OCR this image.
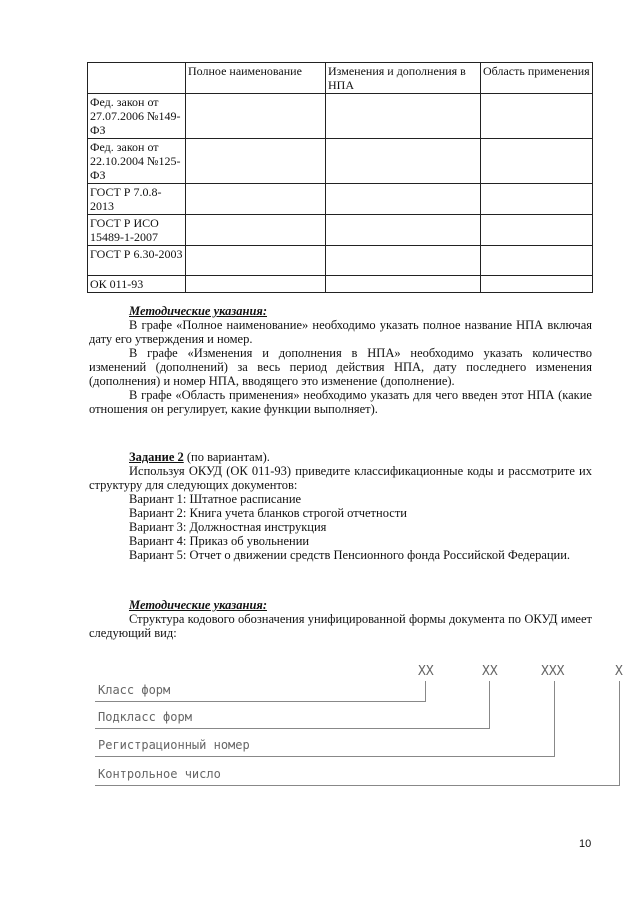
	Полное наименование	Изменения и дополнения в НПА	Область применения
Фед. закон от 27.07.2006 №149-ФЗ			
Фед. закон от 22.10.2004 №125-ФЗ			
ГОСТ Р 7.0.8-2013			
ГОСТ Р ИСО 15489-1-2007			
ГОСТ Р 6.30-2003			
ОК 011-93			
Методические указания:
В графе «Полное наименование» необходимо указать полное название НПА включая дату его утверждения и номер.
В графе «Изменения и дополнения в НПА» необходимо указать количество изменений (дополнений) за весь период действия НПА, дату последнего изменения (дополнения) и номер НПА, вводящего это изменение (дополнение).
В графе «Область применения» необходимо указать для чего введен этот НПА (какие отношения он регулирует, какие функции выполняет).
Задание 2 (по вариантам).
Используя ОКУД (ОК 011-93) приведите классификационные коды и рассмотрите их структуру для следующих документов:
Вариант 1: Штатное расписание
Вариант 2: Книга учета бланков строгой отчетности
Вариант 3: Должностная инструкция
Вариант 4: Приказ об увольнении
Вариант 5: Отчет о движении средств Пенсионного фонда Российской Федерации.
Методические указания:
Структура кодового обозначения унифицированной формы документа по ОКУД имеет следующий вид:
XX	XX	XXX	X
Класс форм
Подкласс форм
Регистрационный номер
Контрольное число
10
